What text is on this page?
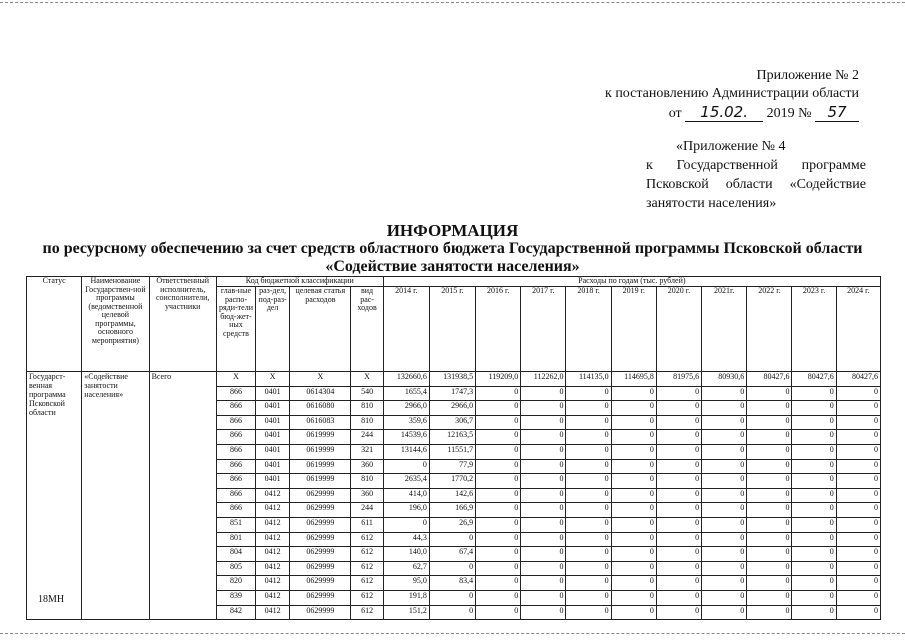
Приложение № 2
к постановлению Администрации области
от 15.02. 2019 № 57
«Приложение № 4
к Государственной программе
Псковской области «Содействие
занятости населения»
ИНФОРМАЦИЯ
по ресурсному обеспечению за счет средств областного бюджета Государственной программы Псковской области
«Содействие занятости населения»
Статус	Наименование Государствен-ной программы (ведомственной целевой программы, основного мероприятия)	Ответственный исполнитель, соисполнители, участники	Код бюджетной классификации				Расходы по годам (тыс. рублей)										
			глав-ные распо-ряди-тели бюд-жет-ных средств	раз-дел, под-раз-дел	целевая статья расходов	вид рас-ходов	2014 г.	2015 г.	2016 г.	2017 г.	2018 г.	2019 г.	2020 г.	2021г.	2022 г.	2023 г.	2024 г.
Государст-венная программа Псковской области	«Содействие занятости населения»	Всего	X	X	X	X	132660,6	131938,5	119209,0	112262,0	114135,0	114695,8	81975,6	80930,6	80427,6	80427,6	80427,6
			866	0401	0614304	540	1655,4	1747,3	0	0	0	0	0	0	0	0	0
			866	0401	0616080	810	2966,0	2966,0	0	0	0	0	0	0	0	0	0
			866	0401	0616083	810	359,6	306,7	0	0	0	0	0	0	0	0	0
			866	0401	0619999	244	14539,6	12163,5	0	0	0	0	0	0	0	0	0
			866	0401	0619999	321	13144,6	11551,7	0	0	0	0	0	0	0	0	0
			866	0401	0619999	360	0	77,9	0	0	0	0	0	0	0	0	0
			866	0401	0619999	810	2635,4	1770,2	0	0	0	0	0	0	0	0	0
			866	0412	0629999	360	414,0	142,6	0	0	0	0	0	0	0	0	0
			866	0412	0629999	244	196,0	166,9	0	0	0	0	0	0	0	0	0
			851	0412	0629999	611	0	26,9	0	0	0	0	0	0	0	0	0
			801	0412	0629999	612	44,3	0	0	0	0	0	0	0	0	0	0
			804	0412	0629999	612	140,0	67,4	0	0	0	0	0	0	0	0	0
			805	0412	0629999	612	62,7	0	0	0	0	0	0	0	0	0	0
			820	0412	0629999	612	95,0	83,4	0	0	0	0	0	0	0	0	0
			839	0412	0629999	612	191,8	0	0	0	0	0	0	0	0	0	0
			842	0412	0629999	612	151,2	0	0	0	0	0	0	0	0	0	0
18МН
